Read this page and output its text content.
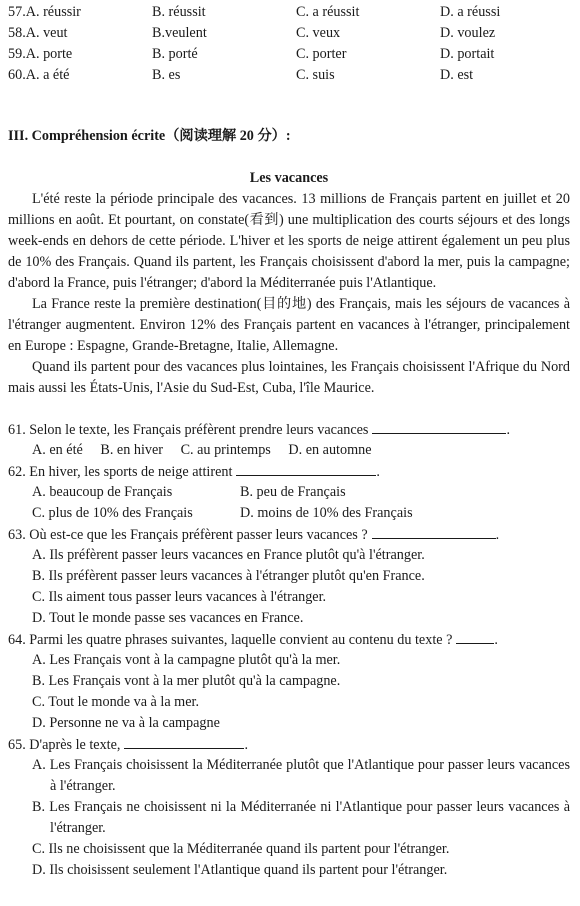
57.A. réussir	B. réussit	C. a réussit	D. a réussi
58.A. veut	B.veulent	C. veux	D. voulez
59.A. porte	B. porté	C. porter	D. portait
60.A. a été	B. es	C. suis	D. est
III. Compréhension écrite（阅读理解 20 分）:
Les vacances

L'été reste la période principale des vacances. 13 millions de Français partent en juillet et 20 millions en août. Et pourtant, on constate(看到) une multiplication des courts séjours et des longs week-ends en dehors de cette période. L'hiver et les sports de neige attirent également un peu plus de 10% des Français. Quand ils partent, les Français choisissent d'abord la mer, puis la campagne; d'abord la France, puis l'étranger; d'abord la Méditerranée puis l'Atlantique.

La France reste la première destination(目的地) des Français, mais les séjours de vacances à l'étranger augmentent. Environ 12% des Français partent en vacances à l'étranger, principalement en Europe : Espagne, Grande-Bretagne, Italie, Allemagne.

Quand ils partent pour des vacances plus lointaines, les Français choisissent l'Afrique du Nord mais aussi les États-Unis, l'Asie du Sud-Est, Cuba, l'île Maurice.

61. Selon le texte, les Français préfèrent prendre leurs vacances	.
A. en été B. en hiver C. au printemps D. en automne
62. En hiver, les sports de neige attirent	.
A. beaucoup de Français	B. peu de Français
C. plus de 10% des Français	D. moins de 10% des Français
63. Où est-ce que les Français préfèrent passer leurs vacances ?	.
A. Ils préfèrent passer leurs vacances en France plutôt qu'à l'étranger.
B. Ils préfèrent passer leurs vacances à l'étranger plutôt qu'en France.
C. Ils aiment tous passer leurs vacances à l'étranger.
D. Tout le monde passe ses vacances en France.
64. Parmi les quatre phrases suivantes, laquelle convient au contenu du texte ?	.
A. Les Français vont à la campagne plutôt qu'à la mer.
B. Les Français vont à la mer plutôt qu'à la campagne.
C. Tout le monde va à la mer.
D. Personne ne va à la campagne
65. D'après le texte,	.

A. Les Français choisissent la Méditerranée plutôt que l'Atlantique pour passer leurs vacances à l'étranger.

B. Les Français ne choisissent ni la Méditerranée ni l'Atlantique pour passer leurs vacances à l'étranger.

C. Ils ne choisissent que la Méditerranée quand ils partent pour l'étranger.
D. Ils choisissent seulement l'Atlantique quand ils partent pour l'étranger.
